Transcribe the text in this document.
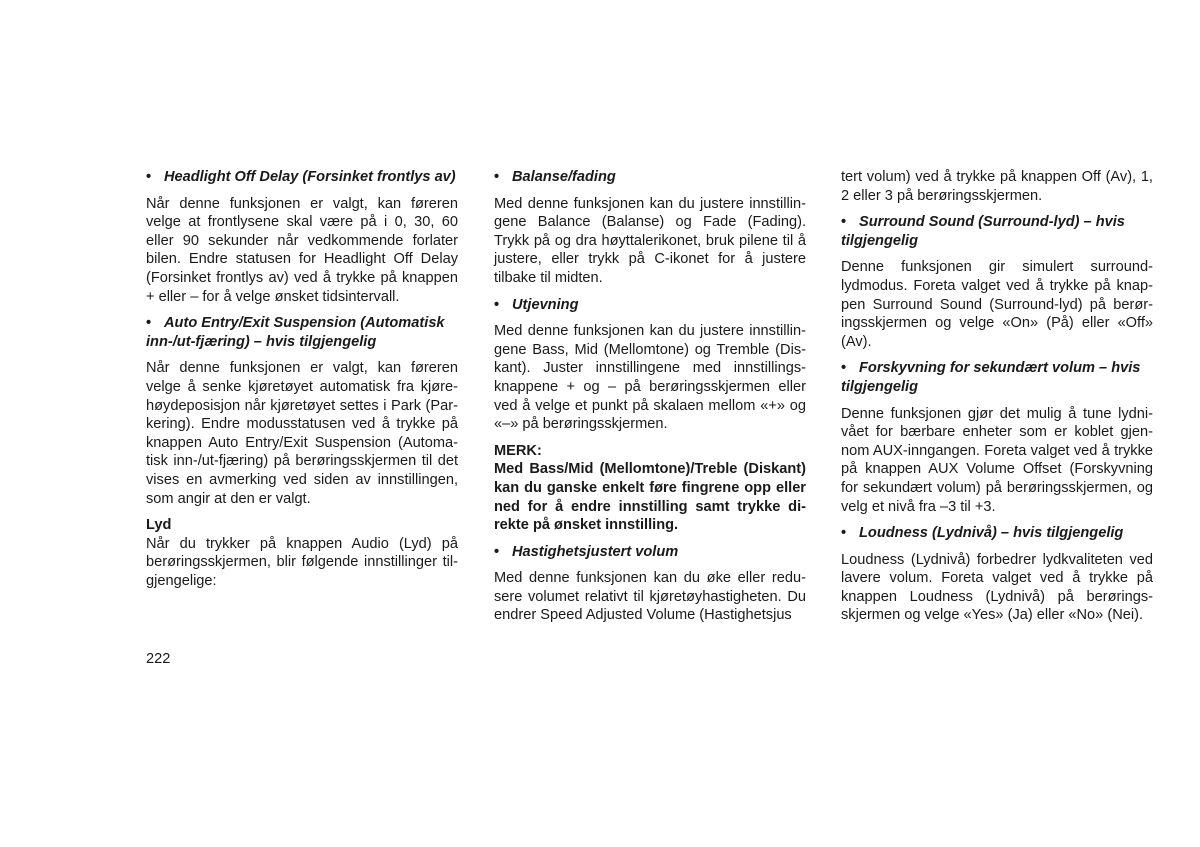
• Headlight Off Delay (Forsinket frontlys av)

Når denne funksjonen er valgt, kan føreren velge at frontlysene skal være på i 0, 30, 60 eller 90 sekunder når vedkommende forlater bilen. Endre statusen for Headlight Off Delay (Forsinket frontlys av) ved å trykke på knappen + eller – for å velge ønsket tidsintervall.

• Auto Entry/Exit Suspension (Automatisk inn-/ut-fjæring) – hvis tilgjengelig

Når denne funksjonen er valgt, kan føreren velge å senke kjøretøyet automatisk fra kjørehøydeposisjon når kjøretøyet settes i Park (Parkering). Endre modusstatusen ved å trykke på knappen Auto Entry/Exit Suspension (Automatisk inn-/ut-fjæring) på berøringsskjermen til det vises en avmerking ved siden av innstillingen, som angir at den er valgt.

Lyd

Når du trykker på knappen Audio (Lyd) på berøringsskjermen, blir følgende innstillinger tilgjengelige:

• Balanse/fading

Med denne funksjonen kan du justere innstillingene Balance (Balanse) og Fade (Fading). Trykk på og dra høyttalerikonet, bruk pilene til å justere, eller trykk på C-ikonet for å justere tilbake til midten.

• Utjevning

Med denne funksjonen kan du justere innstillingene Bass, Mid (Mellomtone) og Tremble (Diskant). Juster innstillingene med innstillingsknappene + og – på berøringsskjermen eller ved å velge et punkt på skalaen mellom «+» og «–» på berøringsskjermen.

MERK:

Med Bass/Mid (Mellomtone)/Treble (Diskant) kan du ganske enkelt føre fingrene opp eller ned for å endre innstilling samt trykke direkte på ønsket innstilling.

• Hastighetsjustert volum

Med denne funksjonen kan du øke eller redusere volumet relativt til kjøretøyhastigheten. Du endrer Speed Adjusted Volume (Hastighetsjus

tert volum) ved å trykke på knappen Off (Av), 1, 2 eller 3 på berøringsskjermen.

• Surround Sound (Surround-lyd) – hvis tilgjengelig

Denne funksjonen gir simulert surroundlydmodus. Foreta valget ved å trykke på knappen Surround Sound (Surround-lyd) på berøringsskjermen og velge «On» (På) eller «Off» (Av).

• Forskyvning for sekundært volum – hvis tilgjengelig

Denne funksjonen gjør det mulig å tune lydnivået for bærbare enheter som er koblet gjennom AUX-inngangen. Foreta valget ved å trykke på knappen AUX Volume Offset (Forskyvning for sekundært volum) på berøringsskjermen, og velg et nivå fra –3 til +3.

• Loudness (Lydnivå) – hvis tilgjengelig

Loudness (Lydnivå) forbedrer lydkvaliteten ved lavere volum. Foreta valget ved å trykke på knappen Loudness (Lydnivå) på berøringsskjermen og velge «Yes» (Ja) eller «No» (Nei).

222
